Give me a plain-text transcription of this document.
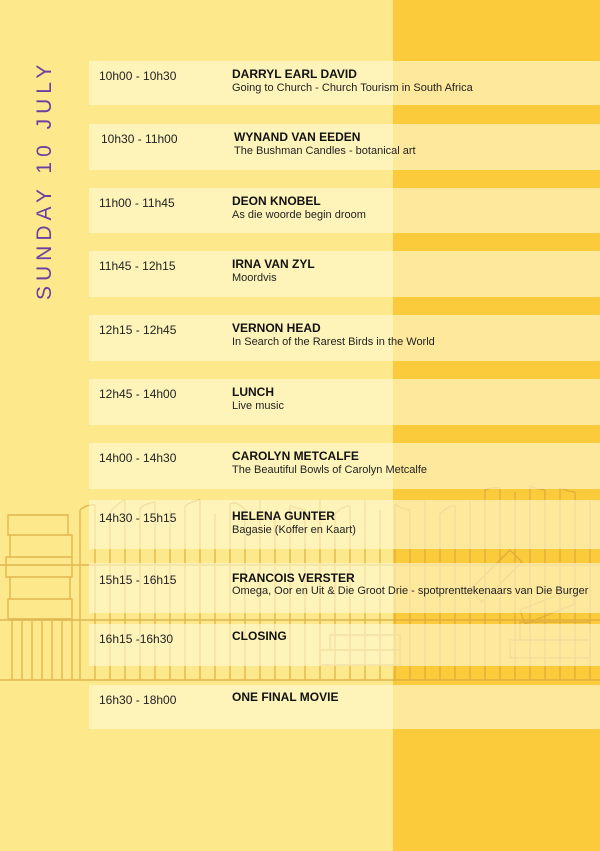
SUNDAY 10 JULY	10h00 - 10h30	DARRYL EARL DAVID
Going to Church - Church Tourism in South Africa
10h30 - 11h00	WYNAND VAN EEDEN
The Bushman Candles - botanical art
11h00 - 11h45	DEON KNOBEL
As die woorde begin droom
11h45 - 12h15	IRNA VAN ZYL
Moordvis
12h15 - 12h45	VERNON HEAD
In Search of the Rarest Birds in the World
12h45 - 14h00	LUNCH
Live music
14h00 - 14h30	CAROLYN METCALFE
The Beautiful Bowls of Carolyn Metcalfe
14h30 - 15h15	HELENA GUNTER
Bagasie (Koffer en Kaart)
15h15 - 16h15	FRANCOIS VERSTER
Omega, Oor en Uit & Die Groot Drie - spotprenttekenaars van Die Burger
16h15 -16h30	CLOSING
16h30 - 18h00	ONE FINAL MOVIE
